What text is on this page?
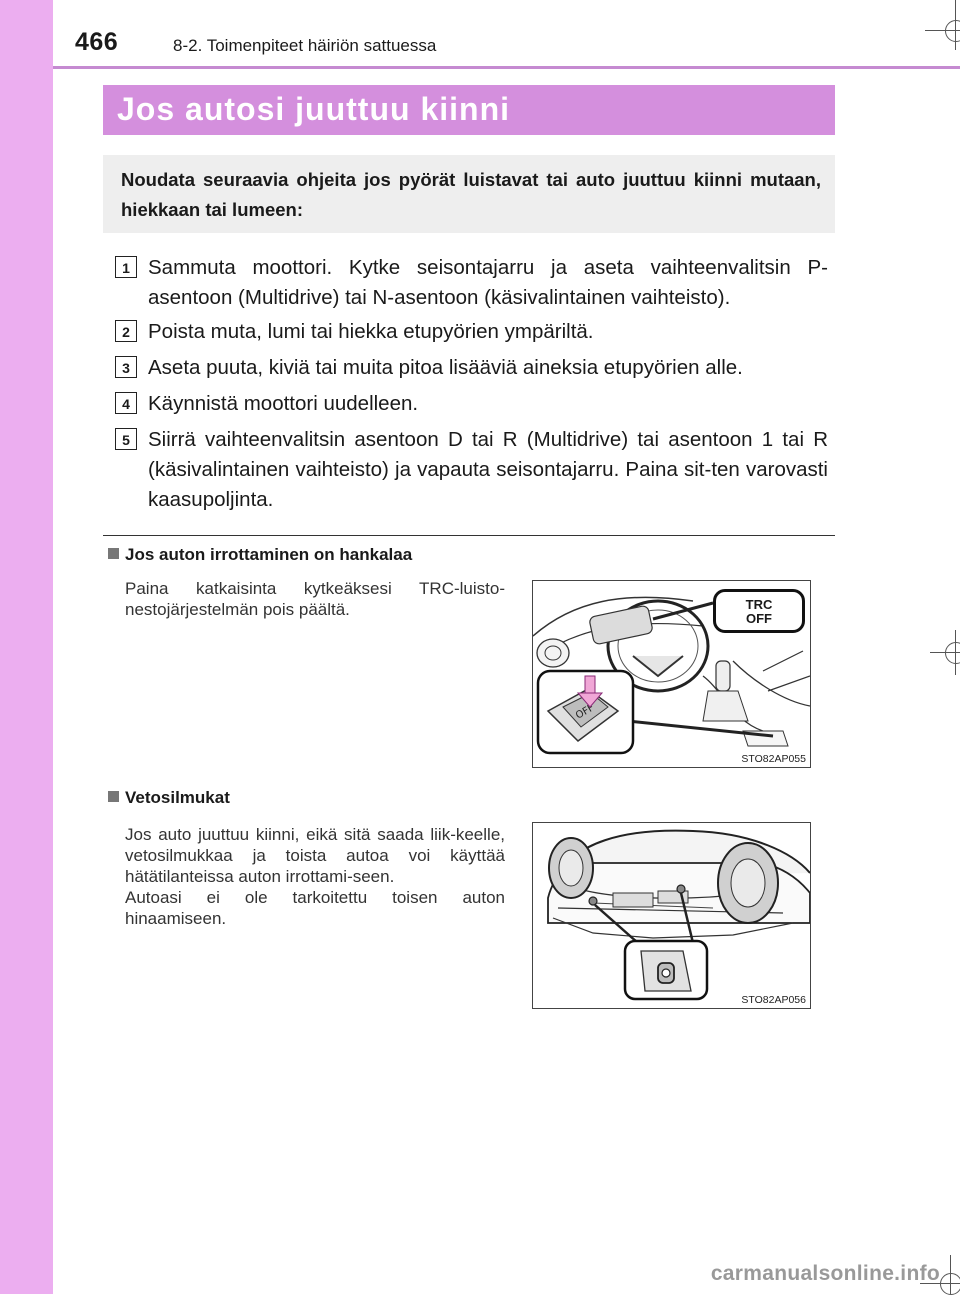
466	8-2. Toimenpiteet häiriön sattuessa
Jos autosi juuttuu kiinni
Noudata seuraavia ohjeita jos pyörät luistavat tai auto juuttuu kiinni mutaan, hiekkaan tai lumeen:
1 Sammuta moottori. Kytke seisontajarru ja aseta vaihteenvalitsin P-asentoon (Multidrive) tai N-asentoon (käsivalintainen vaihteisto).
2 Poista muta, lumi tai hiekka etupyörien ympäriltä.
3 Aseta puuta, kiviä tai muita pitoa lisääviä aineksia etupyörien alle.
4 Käynnistä moottori uudelleen.
5 Siirrä vaihteenvalitsin asentoon D tai R (Multidrive) tai asentoon 1 tai R (käsivalintainen vaihteisto) ja vapauta seisontajarru. Paina sit-ten varovasti kaasupoljinta.
Jos auton irrottaminen on hankalaa
Paina katkaisinta kytkeäksesi TRC-luisto-nestojärjestelmän pois päältä.
OFF
TRC
OFF
STO82AP055
Vetosilmukat
Jos auto juuttuu kiinni, eikä sitä saada liik-keelle, vetosilmukkaa ja toista autoa voi käyttää hätätilanteissa auton irrottami-seen.
Autoasi ei ole tarkoitettu toisen auton hinaamiseen.
STO82AP056
carmanualsonline.info
